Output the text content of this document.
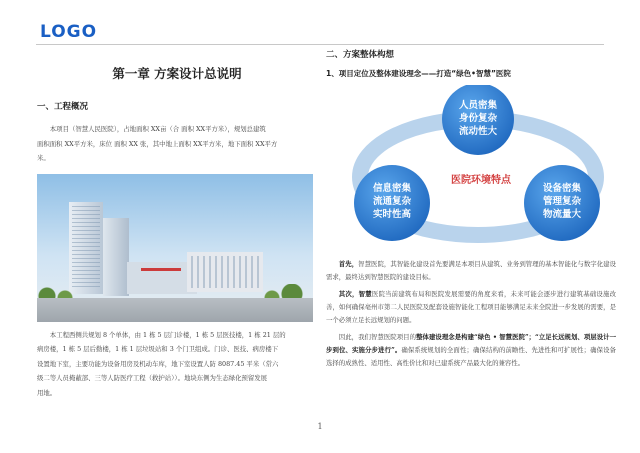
LOGO
第一章 方案设计总说明
一、工程概况

本项目（智慧人民医院），占地面积 XX亩（合 面积 XX平方米），规划总建筑

面积面积 XX平方米，床位 面积 XX 张，其中地上面积 XX平方米，地下面积 XX平方

米。

本工程西侧共规划 8 个单体，由 1 栋 5 层门诊楼，1 栋 5 层医技楼，1 栋 21 层的

病房楼，1 栋 5 层后勤楼，1 栋 1 层垃圾站和 3 个门卫组成。门诊、医技、病房楼下

设置地下室，主要功能为设备用房及机动车库，地下室设置人防 8087.45 平米（常六

级二等人员掩蔽部、三等人防医疗工程（救护站））。地块东侧为生态绿化预留发展

用地。

二、方案整体构想
1、项目定位及整体建设理念——打造“绿色•智慧”医院
人员密集
身份复杂
流动性大
医院环境特点
信息密集
流通复杂
实时性高
设备密集
管理复杂
物流量大

首先，智慧医院，其智能化建设首先要满足本项目从建筑、业务到管理的基本智能化与数字化建设需求，最终达到智慧医院的建设目标。

其次，智慧医院当前建筑布局和医院发展需要的角度来看，未来可能会逐步进行建筑基础设施改善，如何确保亳州市第二人民医院及配套设施智能化工程项目能够满足未来全院进一步发展的需要，是一个必须立足长远规划的问题。

因此，我们智慧医院项目的整体建设理念是构建“绿色 • 智慧医院”；“立足长远规划、项层设计一步到位、实施分步进行”。确保系统规划的全面性；确保结构的前瞻性、先进性和可扩展性；确保设备选择的成熟性、适用性、高性价比和对已建系统产品最大化的兼容性。

1
